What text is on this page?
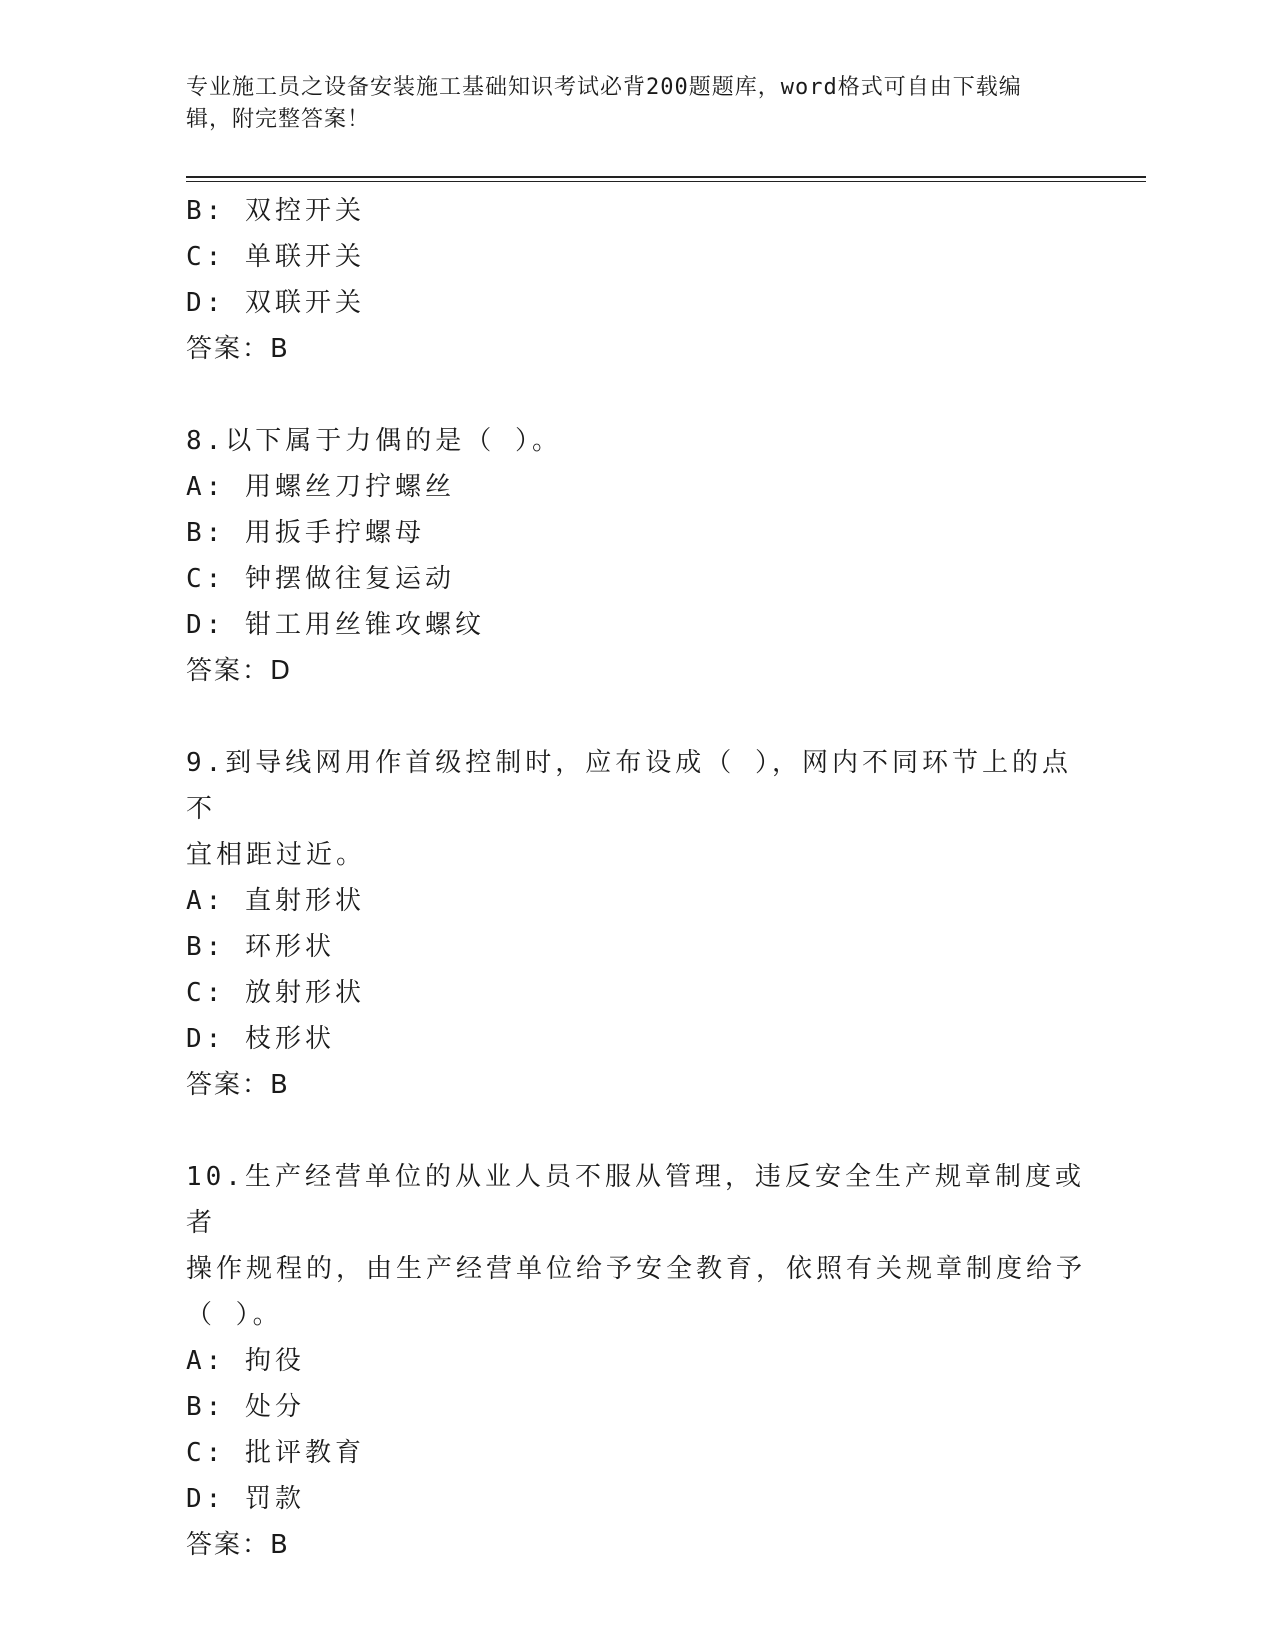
专业施工员之设备安装施工基础知识考试必背200题题库，word格式可自由下载编辑，附完整答案！
B: 双控开关
C: 单联开关
D: 双联开关
答案：B
8.以下属于力偶的是（ ）。
A: 用螺丝刀拧螺丝
B: 用扳手拧螺母
C: 钟摆做往复运动
D: 钳工用丝锥攻螺纹
答案：D
9.到导线网用作首级控制时，应布设成（ ），网内不同环节上的点不
宜相距过近。
A: 直射形状
B: 环形状
C: 放射形状
D: 枝形状
答案：B
10.生产经营单位的从业人员不服从管理，违反安全生产规章制度或者
操作规程的，由生产经营单位给予安全教育，依照有关规章制度给予
（ ）。
A: 拘役
B: 处分
C: 批评教育
D: 罚款
答案：B
